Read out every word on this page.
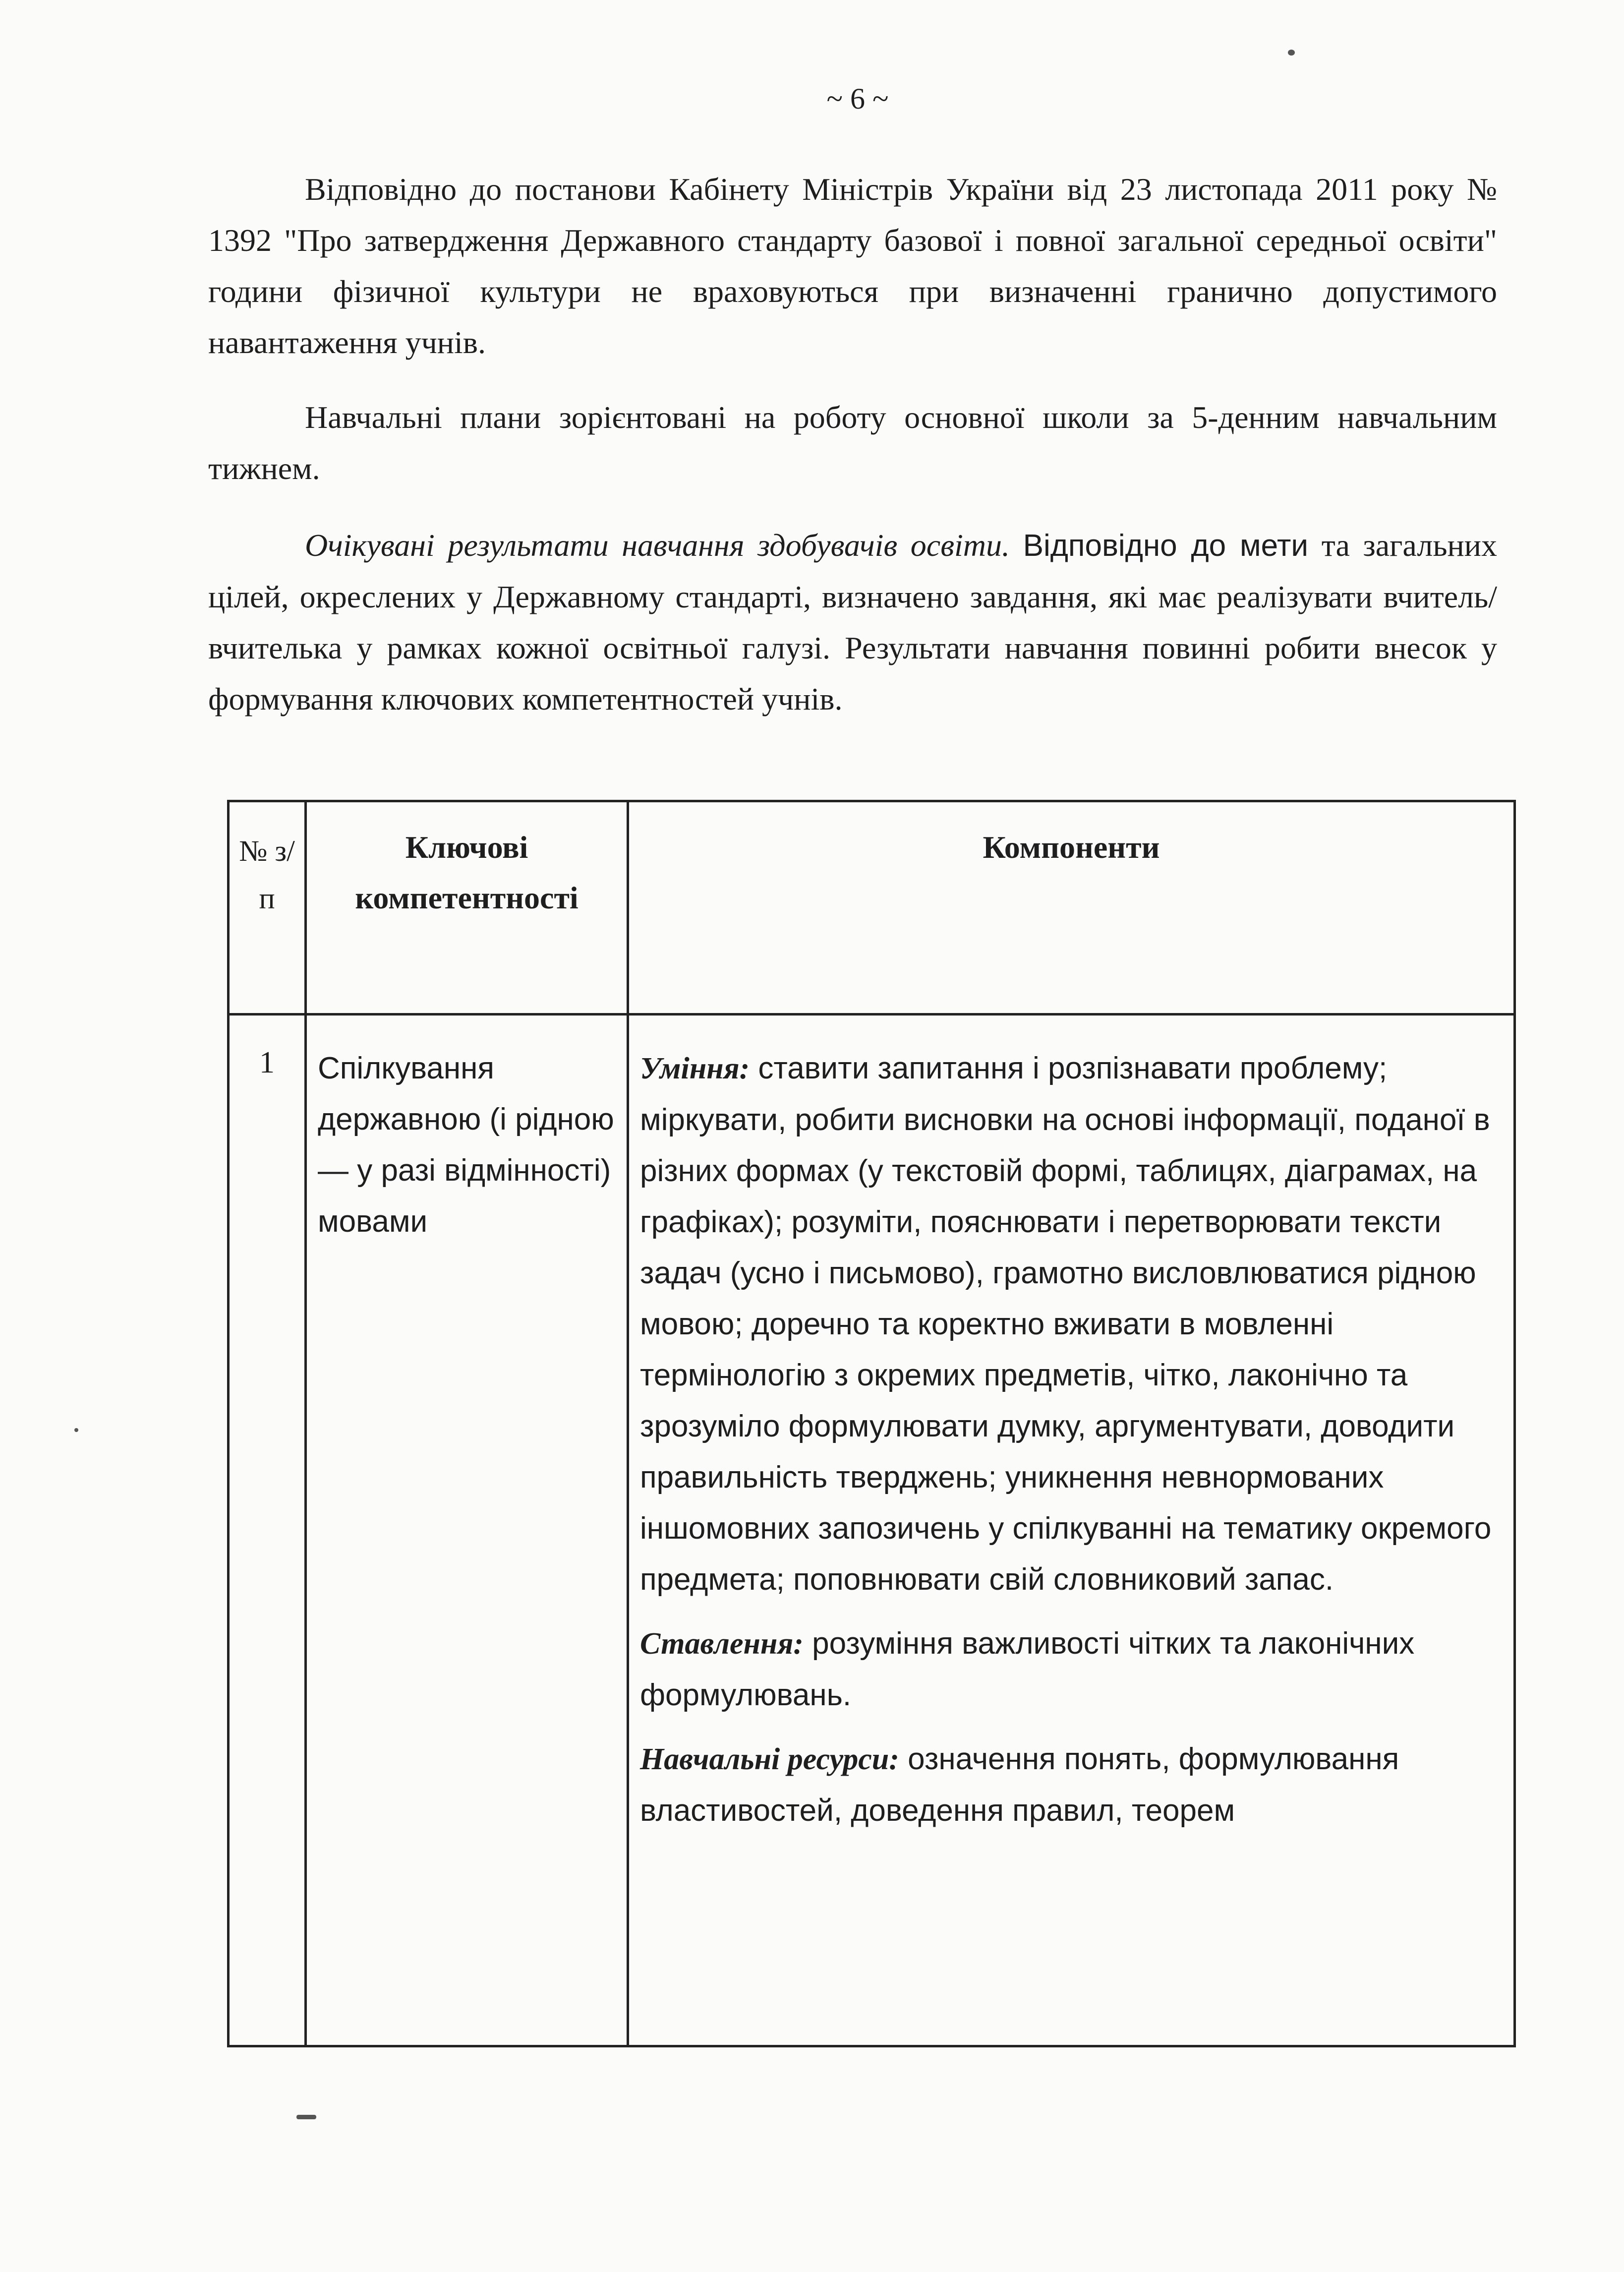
~ 6 ~

Відповідно до постанови Кабінету Міністрів України від 23 листопада 2011 року № 1392 "Про затвердження Державного стандарту базової і повної загальної середньої освіти" години фізичної культури не враховуються при визначенні гранично допустимого навантаження учнів.

Навчальні плани зорієнтовані на роботу основної школи за 5-денним навчальним тижнем.

Очікувані результати навчання здобувачів освіти. Відповідно до мети та загальних цілей, окреслених у Державному стандарті, визначено завдання, які має реалізувати вчитель/вчителька у рамках кожної освітньої галузі. Результати навчання повинні робити внесок у формування ключових компетентностей учнів.

№ з/ п	Ключові компетентності	Компоненти
1	Спілкування державною (і рідною — у разі відмінності) мовами	Уміння: ставити запитання і розпізнавати проблему; міркувати, робити висновки на основі інформації, поданої в різних формах (у текстовій формі, таблицях, діаграмах, на графіках); розуміти, пояснювати і перетворювати тексти задач (усно і письмово), грамотно висловлюватися рідною мовою; доречно та коректно вживати в мовленні термінологію з окремих предметів, чітко, лаконічно та зрозуміло формулювати думку, аргументувати, доводити правильність тверджень; уникнення невнормованих іншомовних запозичень у спілкуванні на тематику окремого предмета; поповнювати свій словниковий запас.

Ставлення: розуміння важливості чітких та лаконічних формулювань.

Навчальні ресурси: означення понять, формулювання властивостей, доведення правил, теорем
